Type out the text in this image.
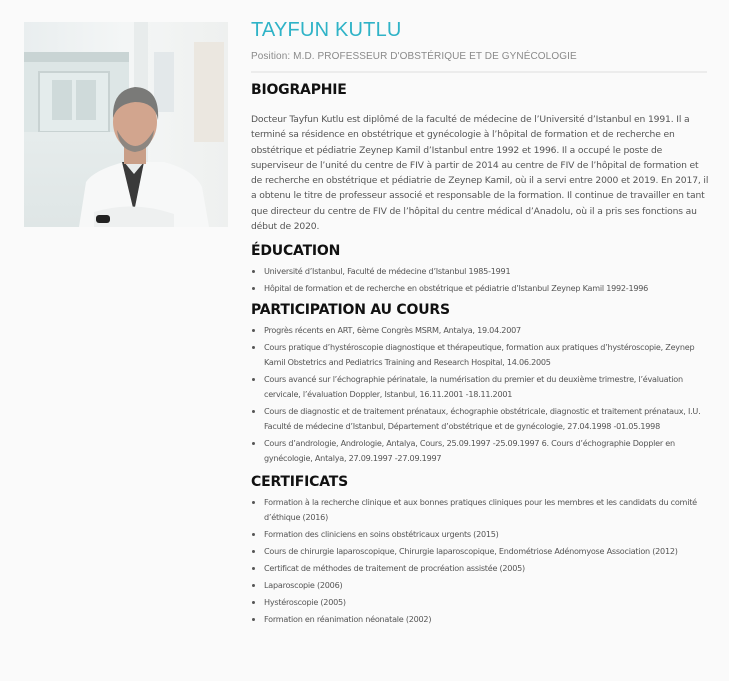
TAYFUN KUTLU
Position: M.D. PROFESSEUR D'OBSTÉRIQUE ET DE GYNÉCOLOGIE
BIOGRAPHIE

Docteur Tayfun Kutlu est diplômé de la faculté de médecine de l’Université d’Istanbul en 1991. Il a terminé sa résidence en obstétrique et gynécologie à l’hôpital de formation et de recherche en obstétrique et pédiatrie Zeynep Kamil d’Istanbul entre 1992 et 1996. Il a occupé le poste de superviseur de l’unité du centre de FIV à partir de 2014 au centre de FIV de l’hôpital de formation et de recherche en obstétrique et pédiatrie de Zeynep Kamil, où il a servi entre 2000 et 2019. En 2017, il a obtenu le titre de professeur associé et responsable de la formation. Il continue de travailler en tant que directeur du centre de FIV de l’hôpital du centre médical d’Anadolu, où il a pris ses fonctions au début de 2020.

ÉDUCATION
Université d’Istanbul, Faculté de médecine d’Istanbul 1985-1991
Hôpital de formation et de recherche en obstétrique et pédiatrie d’Istanbul Zeynep Kamil 1992-1996
PARTICIPATION AU COURS
Progrès récents en ART, 6ème Congrès MSRM, Antalya, 19.04.2007
Cours pratique d’hystéroscopie diagnostique et thérapeutique, formation aux pratiques d’hystéroscopie, Zeynep Kamil Obstetrics and Pediatrics Training and Research Hospital, 14.06.2005
Cours avancé sur l’échographie périnatale, la numérisation du premier et du deuxième trimestre, l’évaluation cervicale, l’évaluation Doppler, Istanbul, 16.11.2001 -18.11.2001
Cours de diagnostic et de traitement prénataux, échographie obstétricale, diagnostic et traitement prénataux, I.U. Faculté de médecine d’Istanbul, Département d’obstétrique et de gynécologie, 27.04.1998 -01.05.1998
Cours d’andrologie, Andrologie, Antalya, Cours, 25.09.1997 -25.09.1997 6. Cours d’échographie Doppler en gynécologie, Antalya, 27.09.1997 -27.09.1997
CERTIFICATS
Formation à la recherche clinique et aux bonnes pratiques cliniques pour les membres et les candidats du comité d’éthique (2016)
Formation des cliniciens en soins obstétricaux urgents (2015)
Cours de chirurgie laparoscopique, Chirurgie laparoscopique, Endométriose Adénomyose Association (2012)
Certificat de méthodes de traitement de procréation assistée (2005)
Laparoscopie (2006)
Hystéroscopie (2005)
Formation en réanimation néonatale (2002)
